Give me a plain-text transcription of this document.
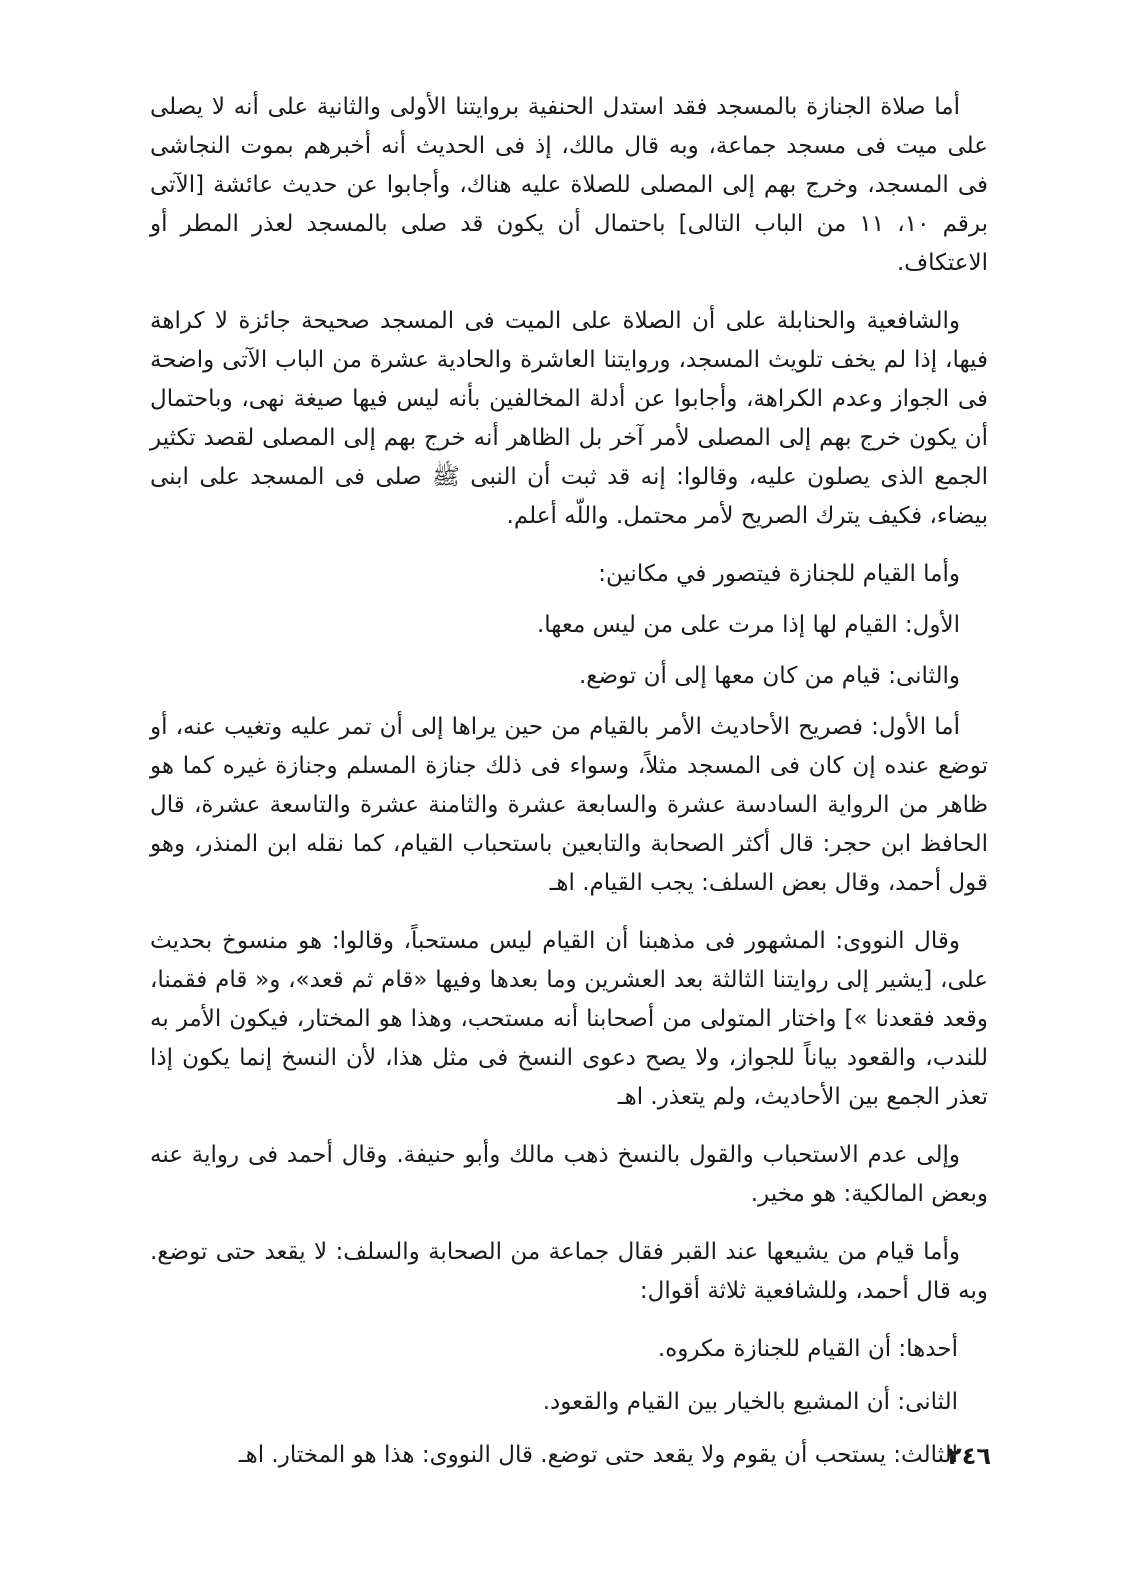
أما صلاة الجنازة بالمسجد فقد استدل الحنفية بروايتنا الأولى والثانية على أنه لا يصلى على ميت فى مسجد جماعة، وبه قال مالك، إذ فى الحديث أنه أخبرهم بموت النجاشى فى المسجد، وخرج بهم إلى المصلى للصلاة عليه هناك، وأجابوا عن حديث عائشة [الآتى برقم ١٠، ١١ من الباب التالى] باحتمال أن يكون قد صلى بالمسجد لعذر المطر أو الاعتكاف.

والشافعية والحنابلة على أن الصلاة على الميت فى المسجد صحيحة جائزة لا كراهة فيها، إذا لم يخف تلويث المسجد، وروايتنا العاشرة والحادية عشرة من الباب الآتى واضحة فى الجواز وعدم الكراهة، وأجابوا عن أدلة المخالفين بأنه ليس فيها صيغة نهى، وباحتمال أن يكون خرج بهم إلى المصلى لأمر آخر بل الظاهر أنه خرج بهم إلى المصلى لقصد تكثير الجمع الذى يصلون عليه، وقالوا: إنه قد ثبت أن النبى ﷺ صلى فى المسجد على ابنى بيضاء، فكيف يترك الصريح لأمر محتمل. واللّه أعلم.

وأما القيام للجنازة فيتصور في مكانين:

الأول: القيام لها إذا مرت على من ليس معها.

والثانى: قيام من كان معها إلى أن توضع.

أما الأول: فصريح الأحاديث الأمر بالقيام من حين يراها إلى أن تمر عليه وتغيب عنه، أو توضع عنده إن كان فى المسجد مثلاً، وسواء فى ذلك جنازة المسلم وجنازة غيره كما هو ظاهر من الرواية السادسة عشرة والسابعة عشرة والثامنة عشرة والتاسعة عشرة، قال الحافظ ابن حجر: قال أكثر الصحابة والتابعين باستحباب القيام، كما نقله ابن المنذر، وهو قول أحمد، وقال بعض السلف: يجب القيام. اهـ

وقال النووى: المشهور فى مذهبنا أن القيام ليس مستحباً، وقالوا: هو منسوخ بحديث على، [يشير إلى روايتنا الثالثة بعد العشرين وما بعدها وفيها «قام ثم قعد»، و« قام فقمنا، وقعد فقعدنا »] واختار المتولى من أصحابنا أنه مستحب، وهذا هو المختار، فيكون الأمر به للندب، والقعود بياناً للجواز، ولا يصح دعوى النسخ فى مثل هذا، لأن النسخ إنما يكون إذا تعذر الجمع بين الأحاديث، ولم يتعذر. اهـ

وإلى عدم الاستحباب والقول بالنسخ ذهب مالك وأبو حنيفة. وقال أحمد فى رواية عنه وبعض المالكية: هو مخير.

وأما قيام من يشيعها عند القبر فقال جماعة من الصحابة والسلف: لا يقعد حتى توضع. وبه قال أحمد، وللشافعية ثلاثة أقوال:

أحدها: أن القيام للجنازة مكروه.

الثانى: أن المشيع بالخيار بين القيام والقعود.

الثالث: يستحب أن يقوم ولا يقعد حتى توضع. قال النووى: هذا هو المختار. اهـ

٢٤٦
